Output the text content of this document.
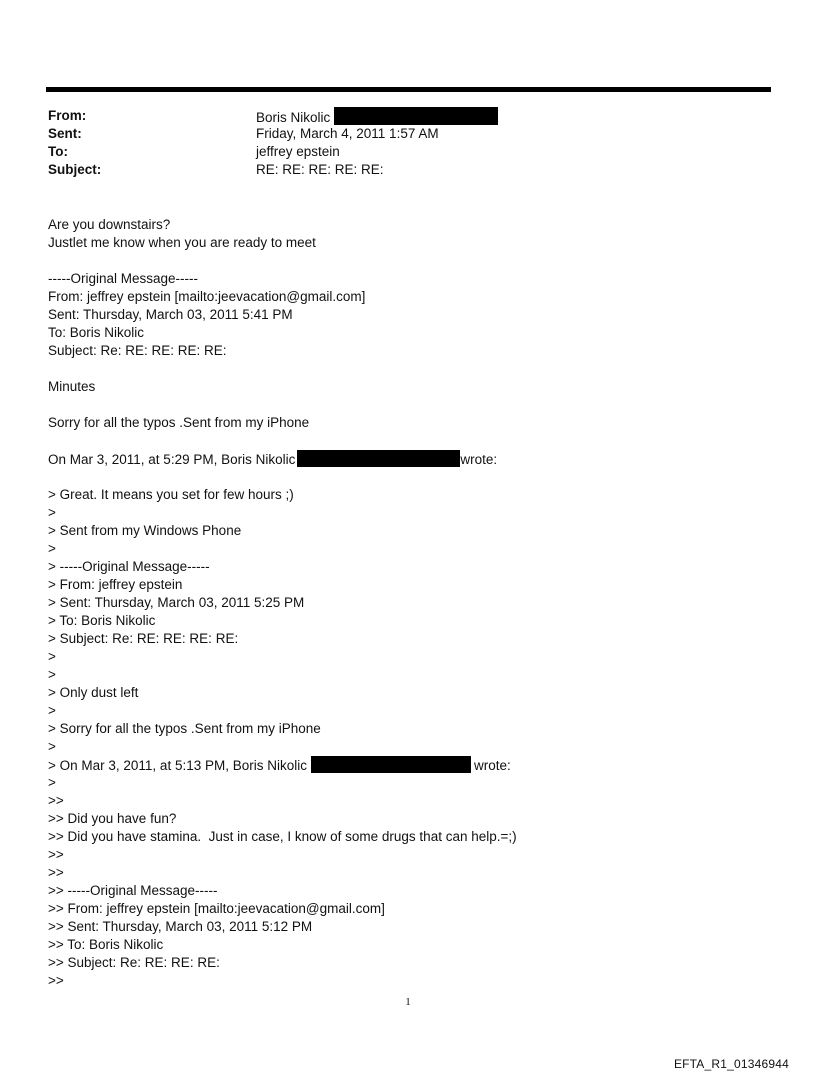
From:	Boris Nikolic
Sent:	Friday, March 4, 2011 1:57 AM
To:	jeffrey epstein
Subject:	RE: RE: RE: RE: RE:
Are you downstairs?
Justlet me know when you are ready to meet
-----Original Message-----
From: jeffrey epstein [mailto:jeevacation@gmail.com]
Sent: Thursday, March 03, 2011 5:41 PM
To: Boris Nikolic
Subject: Re: RE: RE: RE: RE:
Minutes
Sorry for all the typos .Sent from my iPhone
On Mar 3, 2011, at 5:29 PM, Boris Nikolic	wrote:
> Great. It means you set for few hours ;)
>
> Sent from my Windows Phone
>
> -----Original Message-----
> From: jeffrey epstein
> Sent: Thursday, March 03, 2011 5:25 PM
> To: Boris Nikolic
> Subject: Re: RE: RE: RE: RE:
>
>
> Only dust left
>
> Sorry for all the typos .Sent from my iPhone
>
> On Mar 3, 2011, at 5:13 PM, Boris Nikolic	wrote:
>
>>
>> Did you have fun?
>> Did you have stamina.  Just in case, I know of some drugs that can help.=;)
>>
>>
>> -----Original Message-----
>> From: jeffrey epstein [mailto:jeevacation@gmail.com]
>> Sent: Thursday, March 03, 2011 5:12 PM
>> To: Boris Nikolic
>> Subject: Re: RE: RE: RE:
>>
1
EFTA_R1_01346944
